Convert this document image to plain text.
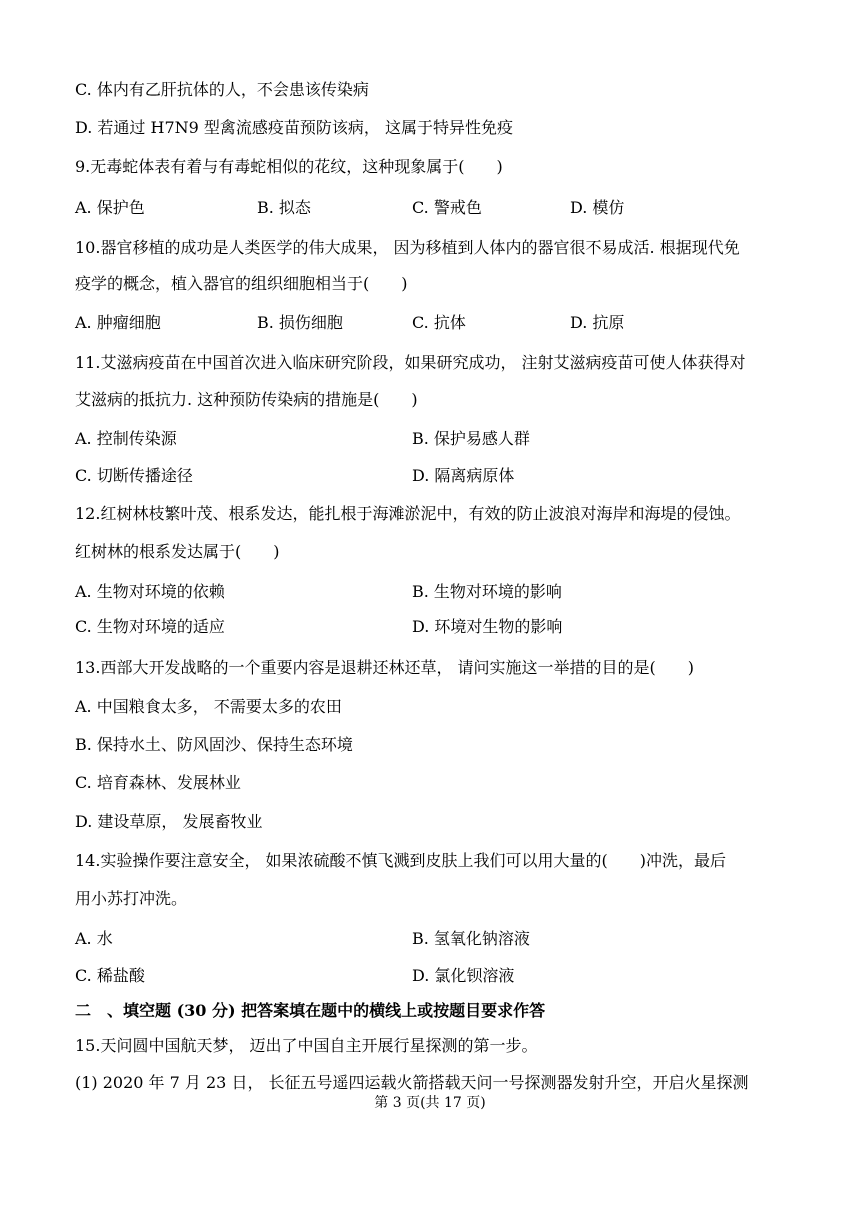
C. 体内有乙肝抗体的人，不会患该传染病
D. 若通过 H7N9 型禽流感疫苗预防该病， 这属于特异性免疫
9.无毒蛇体表有着与有毒蛇相似的花纹，这种现象属于(　　)
A. 保护色	B. 拟态	C. 警戒色	D. 模仿
10.器官移植的成功是人类医学的伟大成果， 因为移植到人体内的器官很不易成活. 根据现代免
疫学的概念，植入器官的组织细胞相当于(　　)
A. 肿瘤细胞	B. 损伤细胞	C. 抗体	D. 抗原
11.艾滋病疫苗在中国首次进入临床研究阶段，如果研究成功， 注射艾滋病疫苗可使人体获得对
艾滋病的抵抗力. 这种预防传染病的措施是(　　)
A. 控制传染源	B. 保护易感人群
C. 切断传播途径	D. 隔离病原体
12.红树林枝繁叶茂、根系发达，能扎根于海滩淤泥中，有效的防止波浪对海岸和海堤的侵蚀。
红树林的根系发达属于(　　)
A. 生物对环境的依赖	B. 生物对环境的影响
C. 生物对环境的适应	D. 环境对生物的影响
13.西部大开发战略的一个重要内容是退耕还林还草， 请问实施这一举措的目的是(　　)
A. 中国粮食太多， 不需要太多的农田
B. 保持水土、防风固沙、保持生态环境
C. 培育森林、发展林业
D. 建设草原， 发展畜牧业
14.实验操作要注意安全， 如果浓硫酸不慎飞溅到皮肤上我们可以用大量的(　　)冲洗，最后
用小苏打冲洗。
A. 水	B. 氢氧化钠溶液
C. 稀盐酸	D. 氯化钡溶液
二　、填空题 (30 分) 把答案填在题中的横线上或按题目要求作答
15.天问圆中国航天梦， 迈出了中国自主开展行星探测的第一步。
(1) 2020 年 7 月 23 日， 长征五号遥四运载火箭搭载天问一号探测器发射升空，开启火星探测
第 3 页(共 17 页)
